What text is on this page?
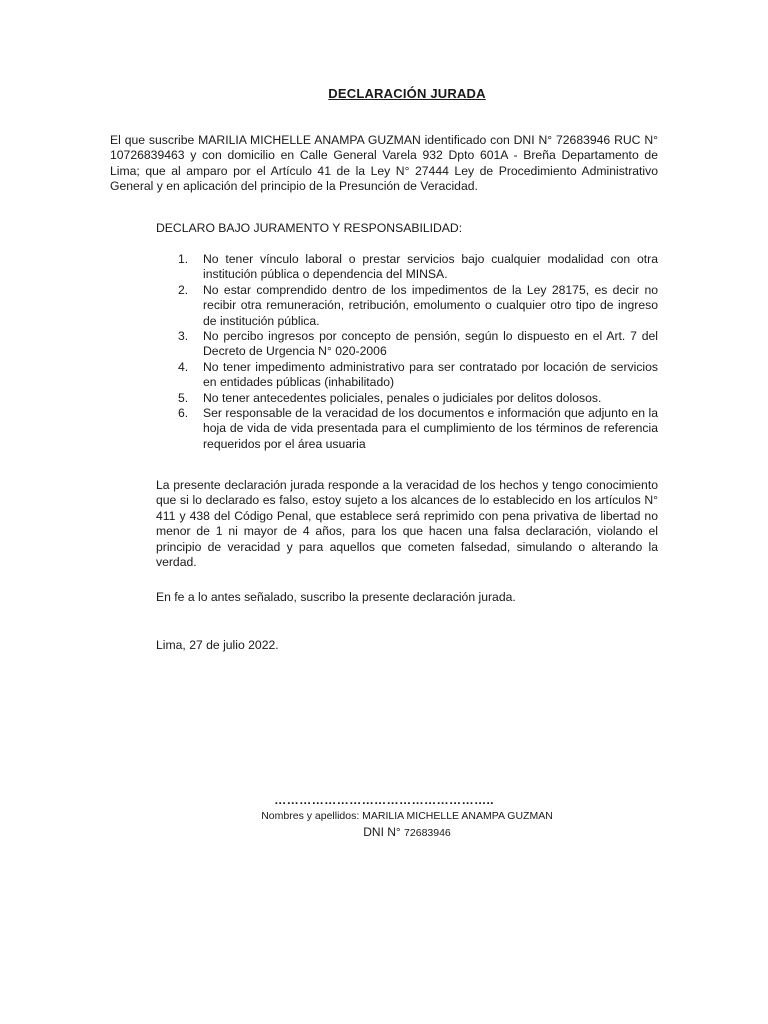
DECLARACIÓN JURADA
El que suscribe MARILIA MICHELLE ANAMPA GUZMAN identificado con DNI N° 72683946 RUC N° 10726839463 y con domicilio en Calle General Varela 932 Dpto 601A - Breña Departamento de Lima; que al amparo por el Artículo 41 de la Ley N° 27444 Ley de Procedimiento Administrativo General y en aplicación del principio de la Presunción de Veracidad.
DECLARO BAJO JURAMENTO Y RESPONSABILIDAD:
1. No tener vínculo laboral o prestar servicios bajo cualquier modalidad con otra institución pública o dependencia del MINSA.
2. No estar comprendido dentro de los impedimentos de la Ley 28175, es decir no recibir otra remuneración, retribución, emolumento o cualquier otro tipo de ingreso de institución pública.
3. No percibo ingresos por concepto de pensión, según lo dispuesto en el Art. 7 del Decreto de Urgencia N° 020-2006
4. No tener impedimento administrativo para ser contratado por locación de servicios en entidades públicas (inhabilitado)
5. No tener antecedentes policiales, penales o judiciales por delitos dolosos.
6. Ser responsable de la veracidad de los documentos e información que adjunto en la hoja de vida de vida presentada para el cumplimiento de los términos de referencia requeridos por el área usuaria
La presente declaración jurada responde a la veracidad de los hechos y tengo conocimiento que si lo declarado es falso, estoy sujeto a los alcances de lo establecido en los artículos N° 411 y 438 del Código Penal, que establece será reprimido con pena privativa de libertad no menor de 1 ni mayor de 4 años, para los que hacen una falsa declaración, violando el principio de veracidad y para aquellos que cometen falsedad, simulando o alterando la verdad.
En fe a lo antes señalado, suscribo la presente declaración jurada.
Lima, 27 de julio 2022.
……………………………………………..
Nombres y apellidos: MARILIA MICHELLE ANAMPA GUZMAN
DNI N° 72683946
